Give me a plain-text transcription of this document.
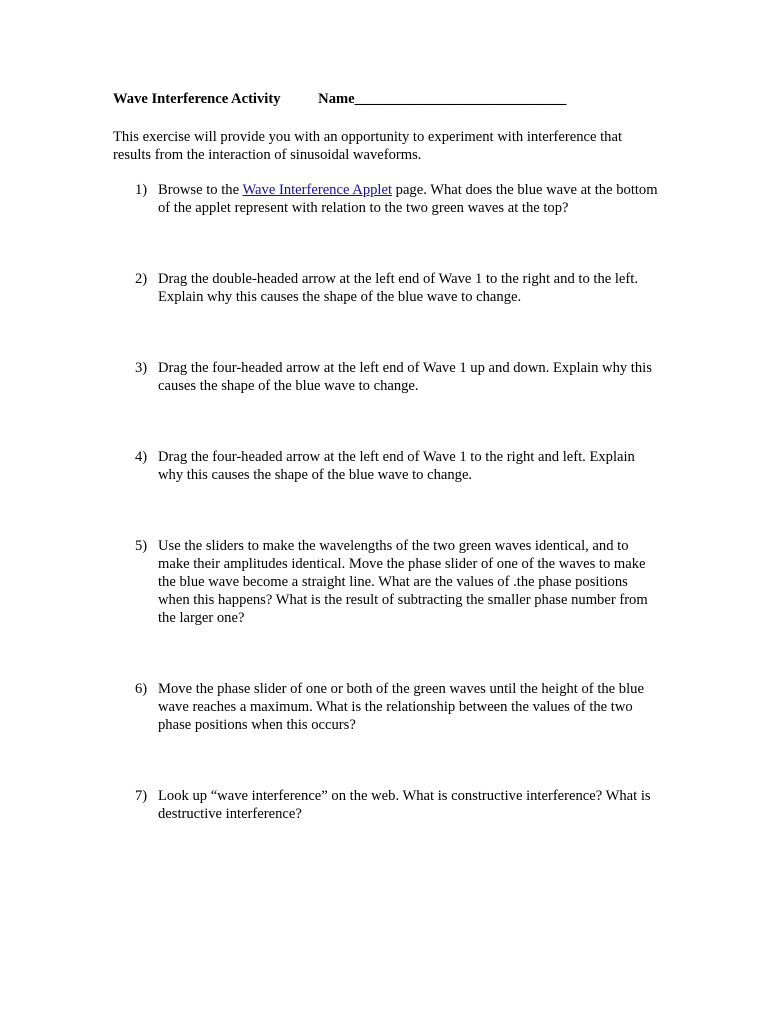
Wave Interference Activity	Name_____________________________

This exercise will provide you with an opportunity to experiment with interference that results from the interaction of sinusoidal waveforms.

1) Browse to the Wave Interference Applet page. What does the blue wave at the bottom of the applet represent with relation to the two green waves at the top?
2) Drag the double-headed arrow at the left end of Wave 1 to the right and to the left. Explain why this causes the shape of the blue wave to change.
3) Drag the four-headed arrow at the left end of Wave 1 up and down. Explain why this causes the shape of the blue wave to change.
4) Drag the four-headed arrow at the left end of Wave 1 to the right and left. Explain why this causes the shape of the blue wave to change.
5) Use the sliders to make the wavelengths of the two green waves identical, and to make their amplitudes identical. Move the phase slider of one of the waves to make the blue wave become a straight line. What are the values of .the phase positions when this happens? What is the result of subtracting the smaller phase number from the larger one?
6) Move the phase slider of one or both of the green waves until the height of the blue wave reaches a maximum. What is the relationship between the values of the two phase positions when this occurs?
7) Look up “wave interference” on the web. What is constructive interference? What is destructive interference?
